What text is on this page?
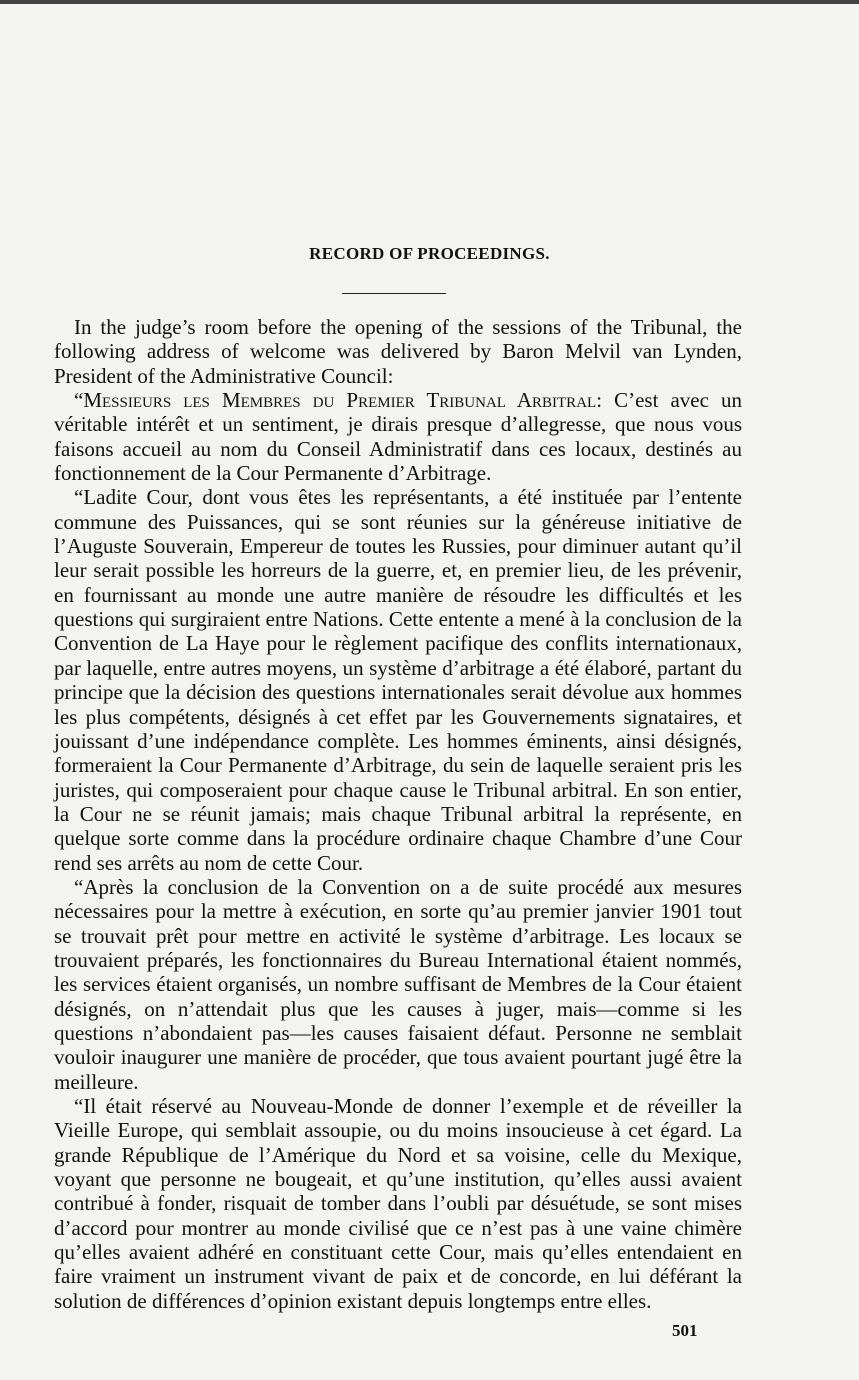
RECORD OF PROCEEDINGS.

In the judge’s room before the opening of the sessions of the Tribunal, the following address of welcome was delivered by Baron Melvil van Lynden, President of the Administrative Council:

“Messieurs les Membres du Premier Tribunal Arbitral: C’est avec un véritable intérêt et un sentiment, je dirais presque d’allegresse, que nous vous faisons accueil au nom du Conseil Administratif dans ces locaux, destinés au fonctionnement de la Cour Permanente d’Arbitrage.

“Ladite Cour, dont vous êtes les représentants, a été instituée par l’entente commune des Puissances, qui se sont réunies sur la généreuse initiative de l’Auguste Souverain, Empereur de toutes les Russies, pour diminuer autant qu’il leur serait possible les horreurs de la guerre, et, en premier lieu, de les prévenir, en fournissant au monde une autre manière de résoudre les difficultés et les questions qui surgiraient entre Nations. Cette entente a mené à la conclusion de la Convention de La Haye pour le règlement pacifique des conflits internationaux, par laquelle, entre autres moyens, un système d’arbitrage a été élaboré, partant du principe que la décision des questions internationales serait dévolue aux hommes les plus compétents, désignés à cet effet par les Gouvernements signataires, et jouissant d’une indépendance complète. Les hommes éminents, ainsi désignés, formeraient la Cour Permanente d’Arbitrage, du sein de laquelle seraient pris les juristes, qui composeraient pour chaque cause le Tribunal arbitral. En son entier, la Cour ne se réunit jamais; mais chaque Tribunal arbitral la représente, en quelque sorte comme dans la procédure ordinaire chaque Chambre d’une Cour rend ses arrêts au nom de cette Cour.

“Après la conclusion de la Convention on a de suite procédé aux mesures nécessaires pour la mettre à exécution, en sorte qu’au premier janvier 1901 tout se trouvait prêt pour mettre en activité le système d’arbitrage. Les locaux se trouvaient préparés, les fonctionnaires du Bureau International étaient nommés, les services étaient organisés, un nombre suffisant de Membres de la Cour étaient désignés, on n’attendait plus que les causes à juger, mais—comme si les questions n’abondaient pas—les causes faisaient défaut. Personne ne semblait vouloir inaugurer une manière de procéder, que tous avaient pourtant jugé être la meilleure.

“Il était réservé au Nouveau-Monde de donner l’exemple et de réveiller la Vieille Europe, qui semblait assoupie, ou du moins insoucieuse à cet égard. La grande République de l’Amérique du Nord et sa voisine, celle du Mexique, voyant que personne ne bougeait, et qu’une institution, qu’elles aussi avaient contribué à fonder, risquait de tomber dans l’oubli par désuétude, se sont mises d’accord pour montrer au monde civilisé que ce n’est pas à une vaine chimère qu’elles avaient adhéré en constituant cette Cour, mais qu’elles entendaient en faire vraiment un instrument vivant de paix et de concorde, en lui déférant la solution de différences d’opinion existant depuis longtemps entre elles.

501
